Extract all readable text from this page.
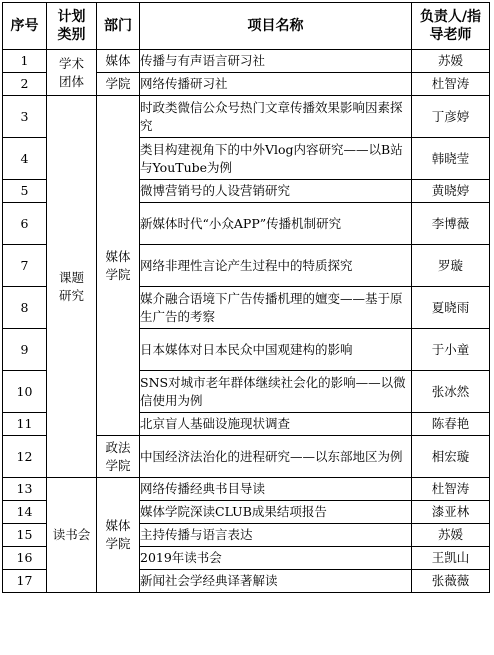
序号	计划类别	部门	项目名称	负责人/指导老师
1	学术团体	媒体	传播与有声语言研习社	苏媛
2		学院	网络传播研习社	杜智涛
3	课题研究	媒体学院	时政类微信公众号热门文章传播效果影响因素探究	丁彦婷
4			类目构建视角下的中外Vlog内容研究——以B站与YouTube为例	韩晓莹
5			微博营销号的人设营销研究	黄晓婷
6			新媒体时代“小众APP”传播机制研究	李博薇
7			网络非理性言论产生过程中的特质探究	罗璇
8			媒介融合语境下广告传播机理的嬗变——基于原生广告的考察	夏晓雨
9			日本媒体对日本民众中国观建构的影响	于小童
10			SNS对城市老年群体继续社会化的影响——以微信使用为例	张冰然
11			北京盲人基础设施现状调查	陈春艳
12		政法学院	中国经济法治化的进程研究——以东部地区为例	相宏璇
13	读书会	媒体学院	网络传播经典书目导读	杜智涛
14			媒体学院深读CLUB成果结项报告	漆亚林
15			主持传播与语言表达	苏媛
16			2019年读书会	王凯山
17			新闻社会学经典译著解读	张薇薇
